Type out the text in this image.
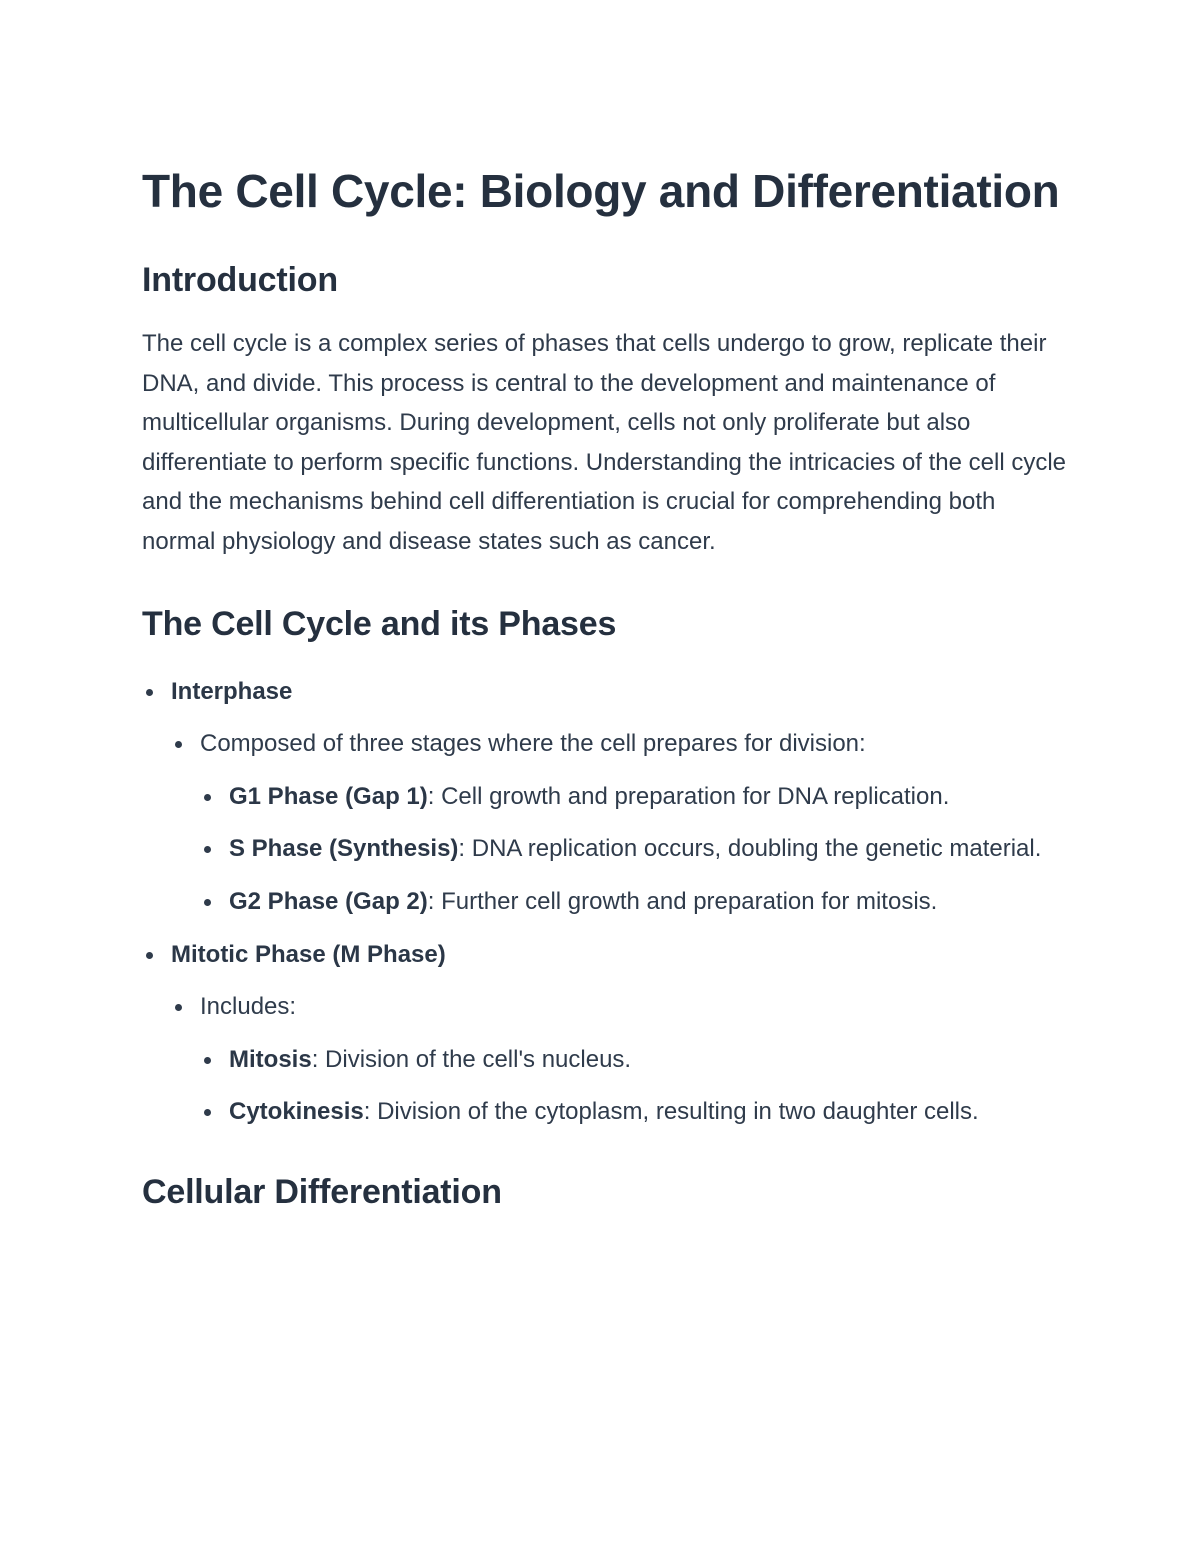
The Cell Cycle: Biology and Differentiation
Introduction

The cell cycle is a complex series of phases that cells undergo to grow, replicate their DNA, and divide. This process is central to the development and maintenance of multicellular organisms. During development, cells not only proliferate but also differentiate to perform specific functions. Understanding the intricacies of the cell cycle and the mechanisms behind cell differentiation is crucial for comprehending both normal physiology and disease states such as cancer.

The Cell Cycle and its Phases
Interphase
Composed of three stages where the cell prepares for division:
G1 Phase (Gap 1): Cell growth and preparation for DNA replication.
S Phase (Synthesis): DNA replication occurs, doubling the genetic material.
G2 Phase (Gap 2): Further cell growth and preparation for mitosis.
Mitotic Phase (M Phase)
Includes:
Mitosis: Division of the cell's nucleus.
Cytokinesis: Division of the cytoplasm, resulting in two daughter cells.
Cellular Differentiation
